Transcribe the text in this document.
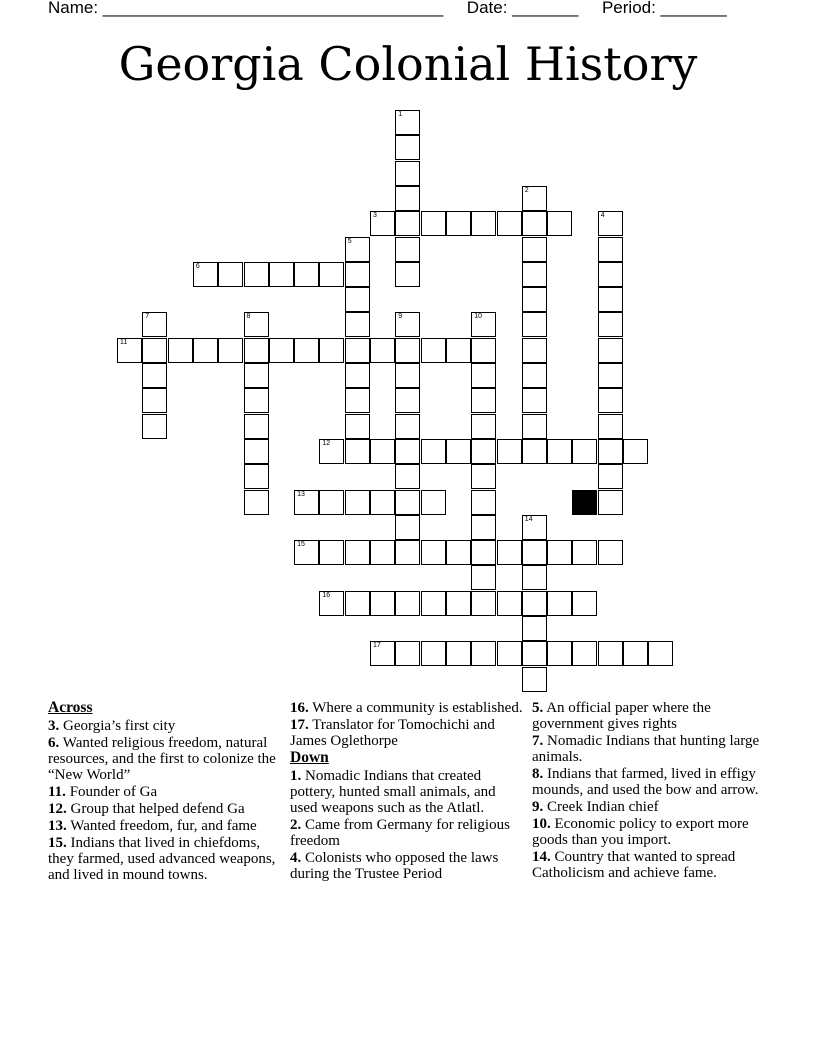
Name: ____________________________________ Date: _______ Period: _______
Georgia Colonial History
1
2
3	4
5
6
7	8	9	10
11
12
13
14
15
16
17
Across
3. Georgia’s first city
6. Wanted religious freedom, natural resources, and the first to colonize the “New World”
11. Founder of Ga
12. Group that helped defend Ga
13. Wanted freedom, fur, and fame
15. Indians that lived in chiefdoms, they farmed, used advanced weapons, and lived in mound towns.
16. Where a community is established.
17. Translator for Tomochichi and James Oglethorpe
Down
1. Nomadic Indians that created pottery, hunted small animals, and used weapons such as the Atlatl.
2. Came from Germany for religious freedom
4. Colonists who opposed the laws during the Trustee Period
5. An official paper where the government gives rights
7. Nomadic Indians that hunting large animals.
8. Indians that farmed, lived in effigy mounds, and used the bow and arrow.
9. Creek Indian chief
10. Economic policy to export more goods than you import.
14. Country that wanted to spread Catholicism and achieve fame.
